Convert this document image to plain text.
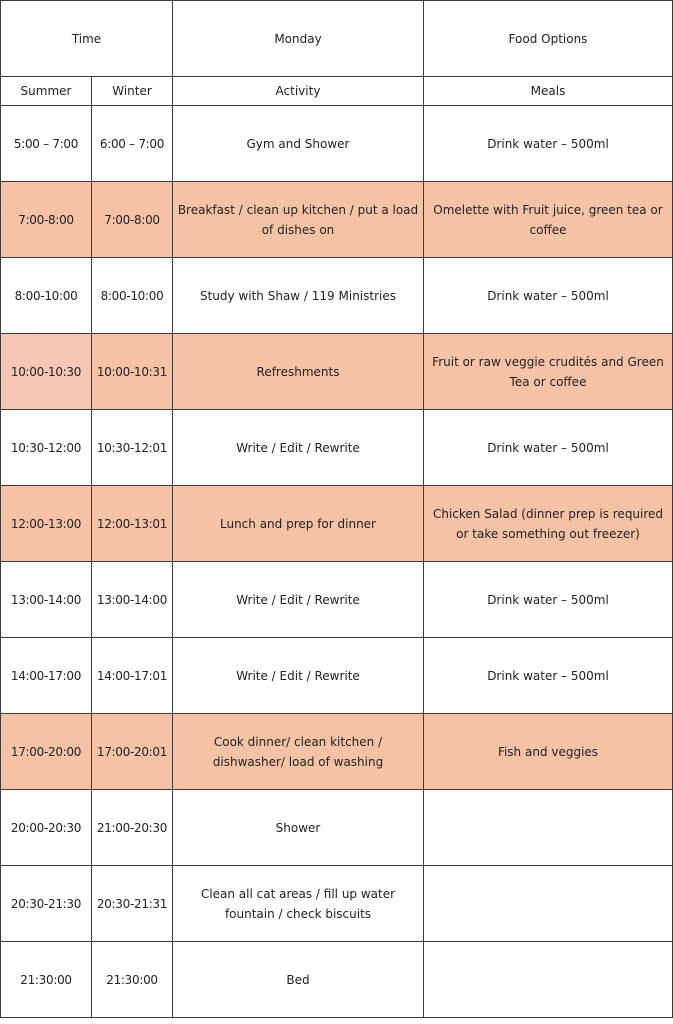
Time		Monday	Food Options
Summer	Winter	Activity	Meals
5:00 – 7:00	6:00 – 7:00	Gym and Shower	Drink water – 500ml
7:00-8:00	7:00-8:00	Breakfast / clean up kitchen / put a load of dishes on	Omelette with Fruit juice, green tea or coffee
8:00-10:00	8:00-10:00	Study with Shaw / 119 Ministries	Drink water – 500ml
10:00-10:30	10:00-10:31	Refreshments	Fruit or raw veggie crudités and Green Tea or coffee
10:30-12:00	10:30-12:01	Write / Edit / Rewrite	Drink water – 500ml
12:00-13:00	12:00-13:01	Lunch and prep for dinner	Chicken Salad (dinner prep is required or take something out freezer)
13:00-14:00	13:00-14:00	Write / Edit / Rewrite	Drink water – 500ml
14:00-17:00	14:00-17:01	Write / Edit / Rewrite	Drink water – 500ml
17:00-20:00	17:00-20:01	Cook dinner/ clean kitchen / dishwasher/ load of washing	Fish and veggies
20:00-20:30	21:00-20:30	Shower	
20:30-21:30	20:30-21:31	Clean all cat areas / fill up water fountain / check biscuits	
21:30:00	21:30:00	Bed	
